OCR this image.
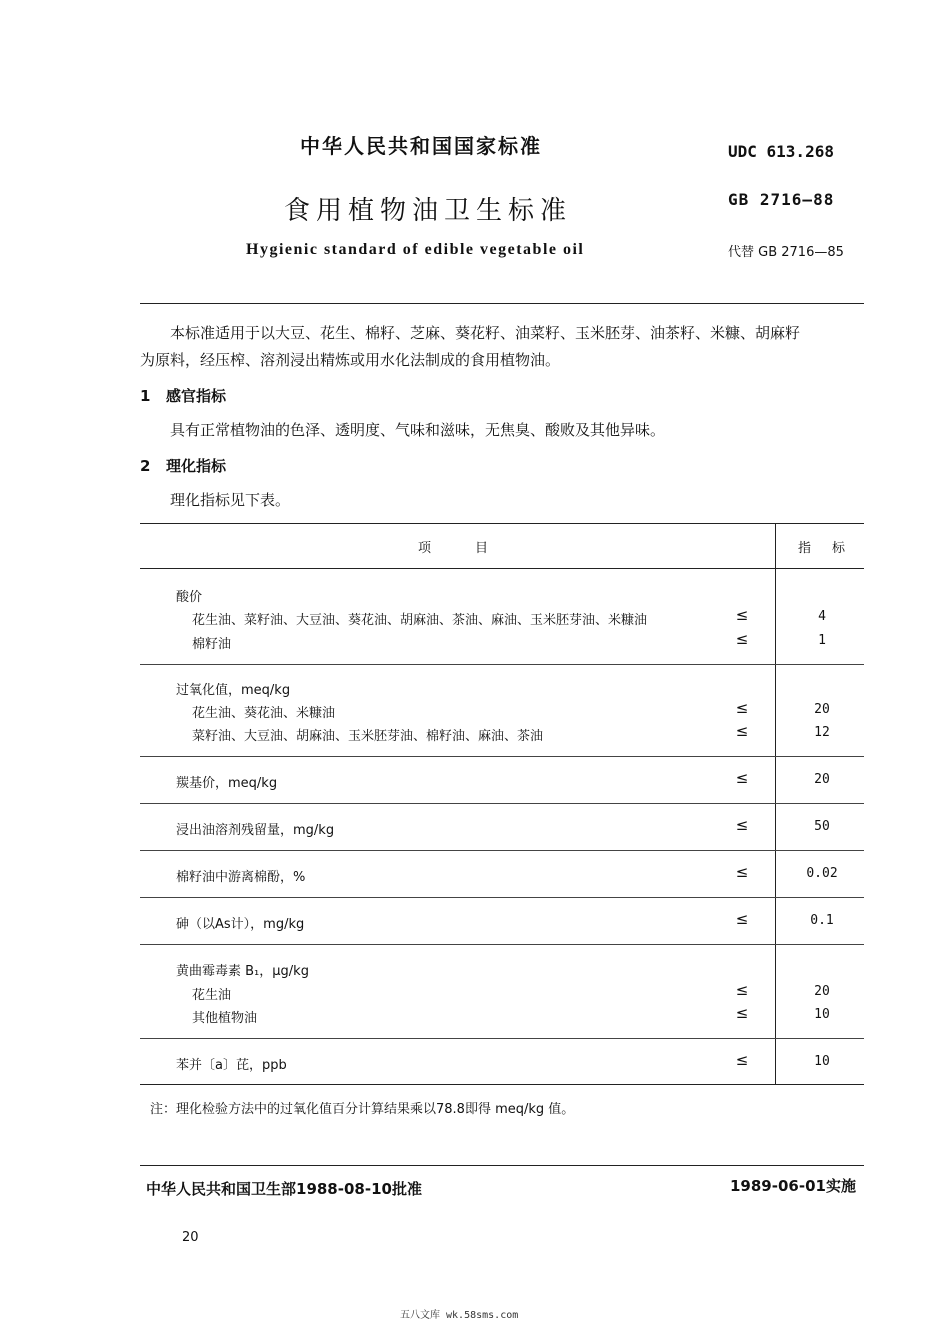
中华人民共和国国家标准	UDC 613.268
食用植物油卫生标准	GB 2716—88
Hygienic standard of edible vegetable oil	代替 GB 2716—85
本标准适用于以大豆、花生、棉籽、芝麻、葵花籽、油菜籽、玉米胚芽、油茶籽、米糠、胡麻籽
为原料，经压榨、溶剂浸出精炼或用水化法制成的食用植物油。
1 感官指标
具有正常植物油的色泽、透明度、气味和滋味，无焦臭、酸败及其他异味。
2 理化指标
理化指标见下表。
项　　目	指　标
酸价
花生油、菜籽油、大豆油、葵花油、胡麻油、茶油、麻油、玉米胚芽油、米糠油	≤	4
棉籽油	≤	1
过氧化值，meq/kg
花生油、葵花油、米糠油	≤	20
菜籽油、大豆油、胡麻油、玉米胚芽油、棉籽油、麻油、茶油	≤	12
羰基价，meq/kg	≤	20
浸出油溶剂残留量，mg/kg	≤	50
棉籽油中游离棉酚，%	≤	0.02
砷（以As计），mg/kg	≤	0.1
黄曲霉毒素 B₁，μg/kg
花生油	≤	20
其他植物油	≤	10
苯并〔a〕芘，ppb	≤	10
注：理化检验方法中的过氧化值百分计算结果乘以78.8即得 meq/kg 值。
中华人民共和国卫生部1988-08-10批准	1989-06-01实施
20
五八文库 wk.58sms.com
